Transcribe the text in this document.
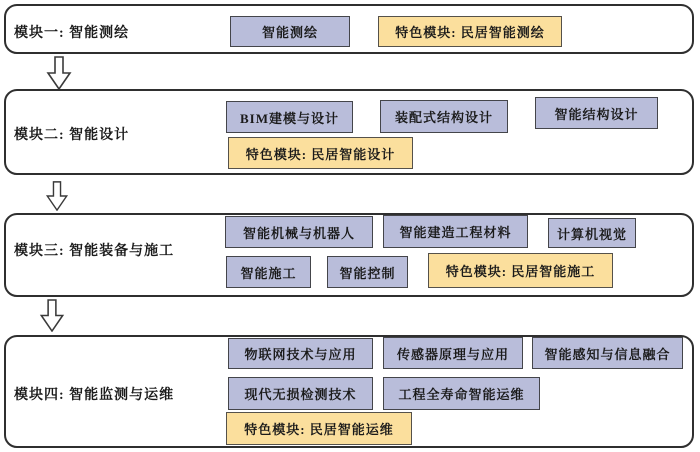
模块一: 智能测绘	智能测绘	特色模块: 民居智能测绘
模块二: 智能设计
BIM建模与设计	装配式结构设计	智能结构设计
特色模块: 民居智能设计
模块三: 智能装备与施工
智能机械与机器人	智能建造工程材料	计算机视觉
智能施工	智能控制	特色模块: 民居智能施工
模块四: 智能监测与运维
物联网技术与应用	传感器原理与应用	智能感知与信息融合
现代无损检测技术	工程全寿命智能运维
特色模块: 民居智能运维
